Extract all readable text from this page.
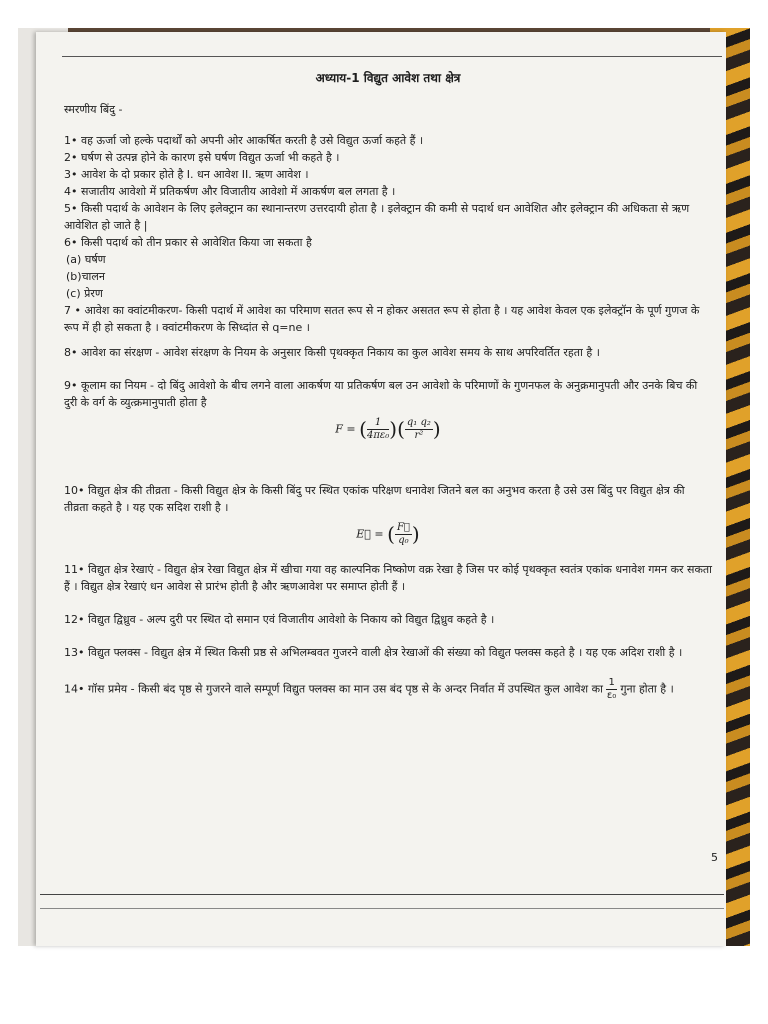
अध्याय-1 विद्युत आवेश तथा क्षेत्र
स्मरणीय बिंदु -

1• वह ऊर्जा जो हल्के पदार्थों को अपनी ओर आकर्षित करती है उसे विद्युत ऊर्जा कहते हैं ।

2• घर्षण से उत्पन्न होने के कारण इसे घर्षण विद्युत ऊर्जा भी कहते है ।

3• आवेश के दो प्रकार होते है I. धन आवेश II. ऋण आवेश ।

4• सजातीय आवेशो में प्रतिकर्षण और विजातीय आवेशो में आकर्षण बल लगता है ।

5• किसी पदार्थ के आवेशन के लिए इलेक्ट्रान का स्थानान्तरण उत्तरदायी होता है । इलेक्ट्रान की कमी से पदार्थ धन आवेशित और इलेक्ट्रान की अधिकता से ऋण आवेशित हो जाते है |

6• किसी पदार्थ को तीन प्रकार से आवेशित किया जा सकता है

(a) घर्षण

(b)चालन

(c) प्रेरण

7 • आवेश का क्वांटमीकरण- किसी पदार्थ में आवेश का परिमाण सतत रूप से न होकर असतत रूप से होता है । यह आवेश केवल एक इलेक्ट्रॉन के पूर्ण गुणज के रूप में ही हो सकता है । क्वांटमीकरण के सिध्दांत से q=ne ।

8• आवेश का संरक्षण - आवेश संरक्षण के नियम के अनुसार किसी पृथक्कृत निकाय का कुल आवेश समय के साथ अपरिवर्तित रहता है ।

9• कूलाम का नियम - दो बिंदु आवेशो के बीच लगने वाला आकर्षण या प्रतिकर्षण बल उन आवेशो के परिमाणों के गुणनफल के अनुक्रमानुपती और उनके बिच की दुरी के वर्ग के व्युत्क्रमानुपाती होता है

F = ( $\frac{1}{\text{4πε₀}}$ )( $\frac{\text{q₁ q₂}}{\text{r²}}$ )

10• विद्युत क्षेत्र की तीव्रता - किसी विद्युत क्षेत्र के किसी बिंदु पर स्थित एकांक परिक्षण धनावेश जितने बल का अनुभव करता है उसे उस बिंदु पर विद्युत क्षेत्र की तीव्रता कहते है । यह एक सदिश राशी है ।

E⃗ = ( $\frac{F⃗}{\text{q₀}}$ )

11• विद्युत क्षेत्र रेखाएं - विद्युत क्षेत्र रेखा विद्युत क्षेत्र में खीचा गया वह काल्पनिक निष्कोण वक्र रेखा है जिस पर कोई पृथक्कृत स्वतंत्र एकांक धनावेश गमन कर सकता हैं । विद्युत क्षेत्र रेखाएं धन आवेश से प्रारंभ होती है और ऋणआवेश पर समाप्त होती हैं ।

12• विद्युत द्विध्रुव - अल्प दुरी पर स्थित दो समान एवं विजातीय आवेशो के निकाय को विद्युत द्विध्रुव कहते है ।

13• विद्युत फ्लक्स - विद्युत क्षेत्र में स्थित किसी प्रष्ठ से अभिलम्बवत गुजरने वाली क्षेत्र रेखाओं की संख्या को विद्युत फ्लक्स कहते है । यह एक अदिश राशी है ।

14• गॉस प्रमेय - किसी बंद पृष्ठ से गुजरने वाले सम्पूर्ण विद्युत फ्लक्स का मान उस बंद पृष्ठ से के अन्दर निर्वात में उपस्थित कुल आवेश का $\frac{1}{\text{ε₀}}$ गुना होता है ।

5
